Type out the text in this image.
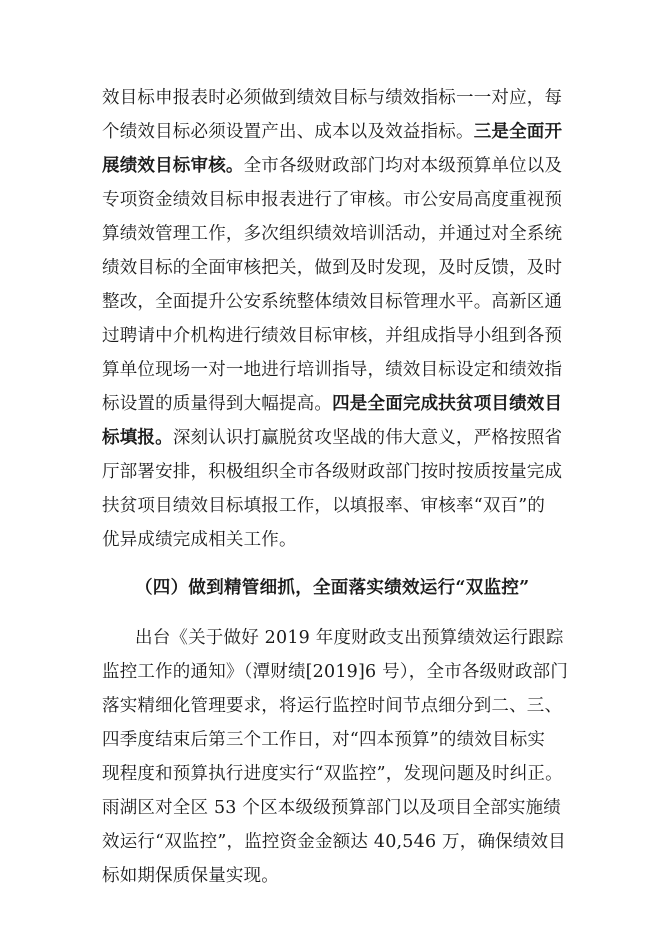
效目标申报表时必须做到绩效目标与绩效指标一一对应，每
个绩效目标必须设置产出、成本以及效益指标。三是全面开
展绩效目标审核。全市各级财政部门均对本级预算单位以及
专项资金绩效目标申报表进行了审核。市公安局高度重视预
算绩效管理工作，多次组织绩效培训活动，并通过对全系统
绩效目标的全面审核把关，做到及时发现，及时反馈，及时
整改，全面提升公安系统整体绩效目标管理水平。高新区通
过聘请中介机构进行绩效目标审核，并组成指导小组到各预
算单位现场一对一地进行培训指导，绩效目标设定和绩效指
标设置的质量得到大幅提高。四是全面完成扶贫项目绩效目
标填报。深刻认识打赢脱贫攻坚战的伟大意义，严格按照省
厅部署安排，积极组织全市各级财政部门按时按质按量完成
扶贫项目绩效目标填报工作，以填报率、审核率“双百”的
优异成绩完成相关工作。
（四）做到精管细抓，全面落实绩效运行“双监控”
出台《关于做好 2019 年度财政支出预算绩效运行跟踪
监控工作的通知》（潭财绩[2019]6 号），全市各级财政部门
落实精细化管理要求，将运行监控时间节点细分到二、三、
四季度结束后第三个工作日，对“四本预算”的绩效目标实
现程度和预算执行进度实行“双监控”，发现问题及时纠正。
雨湖区对全区 53 个区本级级预算部门以及项目全部实施绩
效运行“双监控”，监控资金金额达 40,546 万，确保绩效目
标如期保质保量实现。
